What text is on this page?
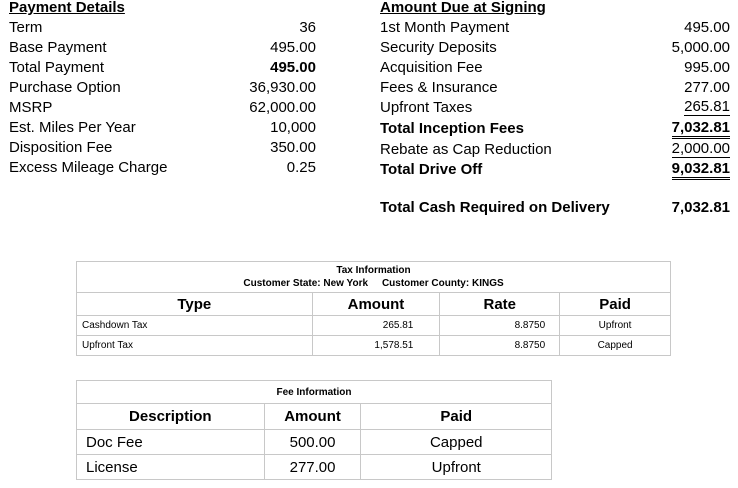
Payment Details
Term	36
Base Payment	495.00
Total Payment	495.00
Purchase Option	36,930.00
MSRP	62,000.00
Est. Miles Per Year	10,000
Disposition Fee	350.00
Excess Mileage Charge	0.25
Amount Due at Signing
1st Month Payment	495.00
Security Deposits	5,000.00
Acquisition Fee	995.00
Fees & Insurance	277.00
Upfront Taxes	265.81
Total Inception Fees	7,032.81
Rebate as Cap Reduction	2,000.00
Total Drive Off	9,032.81
Total Cash Required on Delivery	7,032.81
Tax Information
Customer State: New York Customer County: KINGS			

Type	Amount	Rate	Paid
Cashdown Tax	265.81	8.8750	Upfront
Upfront Tax	1,578.51	8.8750	Capped
Fee Information		
Description	Amount	Paid
Doc Fee	500.00	Capped
License	277.00	Upfront
